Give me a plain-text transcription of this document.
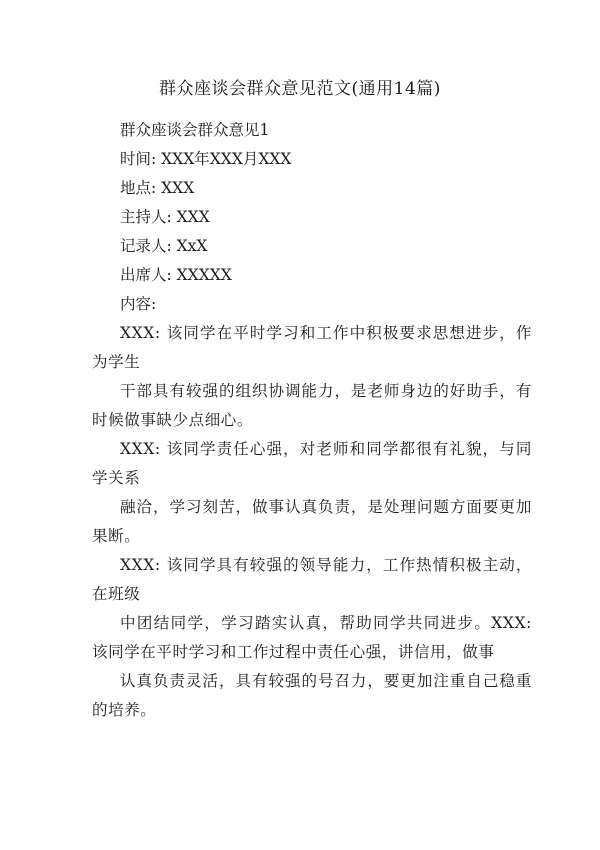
群众座谈会群众意见范文(通用14篇)

群众座谈会群众意见1

时间: XXX年XXX月XXX

地点: XXX

主持人: XXX

记录人: XxX

出席人: XXXXX

内容:

XXX: 该同学在平时学习和工作中积极要求思想进步，作为学生

干部具有较强的组织协调能力，是老师身边的好助手，有时候做事缺少点细心。

XXX: 该同学责任心强，对老师和同学都很有礼貌，与同学关系

融洽，学习刻苦，做事认真负责，是处理问题方面要更加果断。

XXX: 该同学具有较强的领导能力，工作热情积极主动，在班级

中团结同学，学习踏实认真，帮助同学共同进步。XXX: 该同学在平时学习和工作过程中责任心强，讲信用，做事

认真负责灵活，具有较强的号召力，要更加注重自己稳重的培养。
